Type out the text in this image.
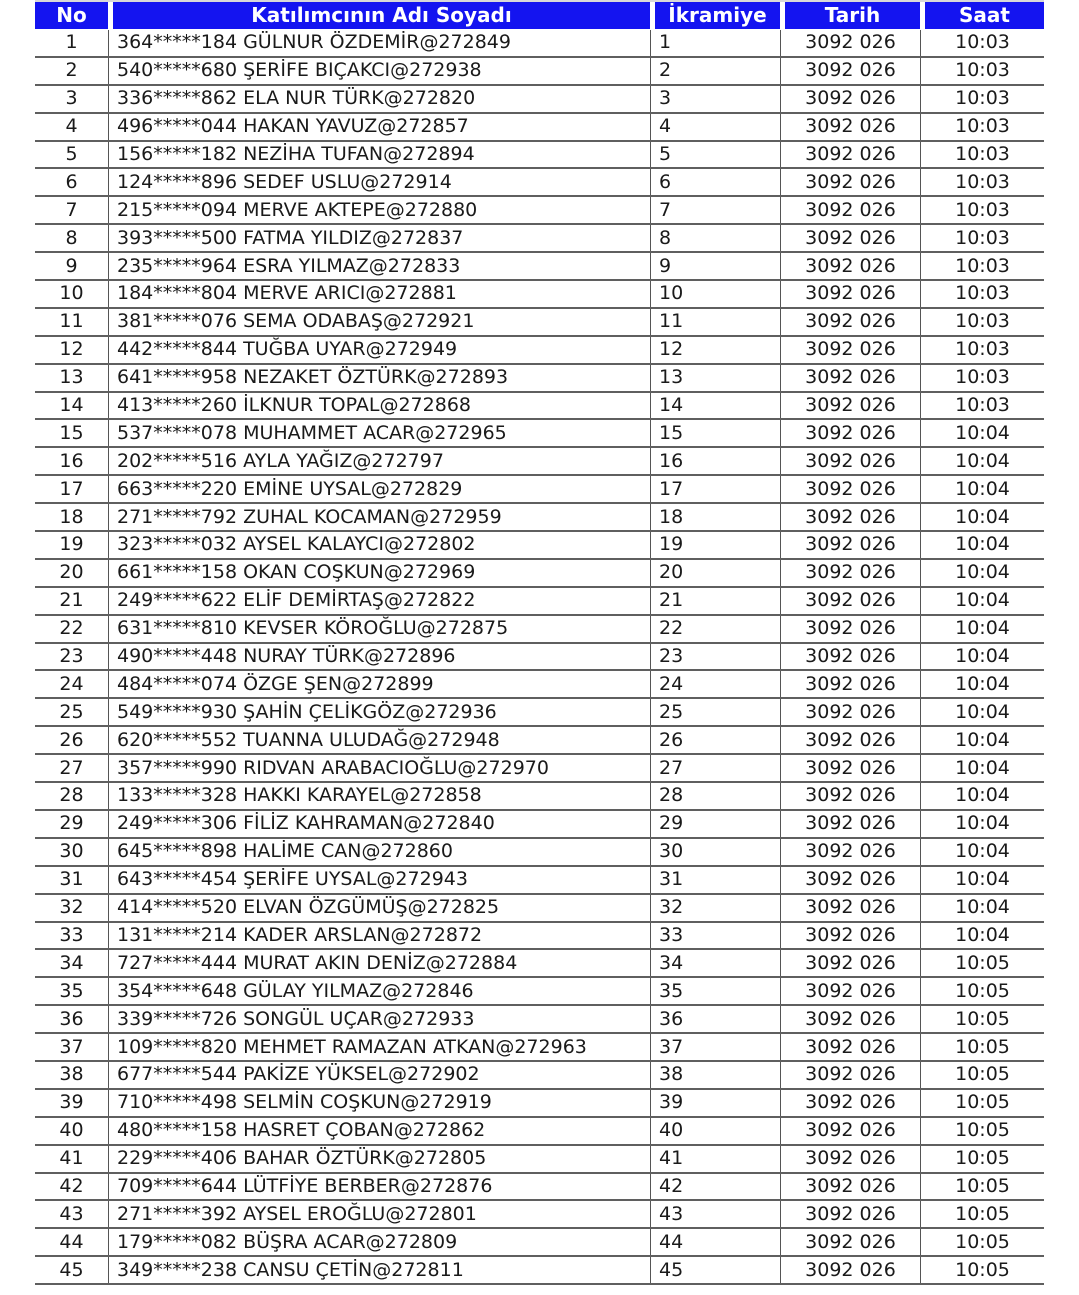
No	Katılımcının Adı Soyadı	İkramiye	Tarih	Saat
1	364*****184 GÜLNUR ÖZDEMİR@272849	1	3092 026	10:03
2	540*****680 ŞERİFE BIÇAKCI@272938	2	3092 026	10:03
3	336*****862 ELA NUR TÜRK@272820	3	3092 026	10:03
4	496*****044 HAKAN YAVUZ@272857	4	3092 026	10:03
5	156*****182 NEZİHA TUFAN@272894	5	3092 026	10:03
6	124*****896 SEDEF USLU@272914	6	3092 026	10:03
7	215*****094 MERVE AKTEPE@272880	7	3092 026	10:03
8	393*****500 FATMA YILDIZ@272837	8	3092 026	10:03
9	235*****964 ESRA YILMAZ@272833	9	3092 026	10:03
10	184*****804 MERVE ARICI@272881	10	3092 026	10:03
11	381*****076 SEMA ODABAŞ@272921	11	3092 026	10:03
12	442*****844 TUĞBA UYAR@272949	12	3092 026	10:03
13	641*****958 NEZAKET ÖZTÜRK@272893	13	3092 026	10:03
14	413*****260 İLKNUR TOPAL@272868	14	3092 026	10:03
15	537*****078 MUHAMMET ACAR@272965	15	3092 026	10:04
16	202*****516 AYLA YAĞIZ@272797	16	3092 026	10:04
17	663*****220 EMİNE UYSAL@272829	17	3092 026	10:04
18	271*****792 ZUHAL KOCAMAN@272959	18	3092 026	10:04
19	323*****032 AYSEL KALAYCI@272802	19	3092 026	10:04
20	661*****158 OKAN COŞKUN@272969	20	3092 026	10:04
21	249*****622 ELİF DEMİRTAŞ@272822	21	3092 026	10:04
22	631*****810 KEVSER KÖROĞLU@272875	22	3092 026	10:04
23	490*****448 NURAY TÜRK@272896	23	3092 026	10:04
24	484*****074 ÖZGE ŞEN@272899	24	3092 026	10:04
25	549*****930 ŞAHİN ÇELİKGÖZ@272936	25	3092 026	10:04
26	620*****552 TUANNA ULUDAĞ@272948	26	3092 026	10:04
27	357*****990 RIDVAN ARABACIOĞLU@272970	27	3092 026	10:04
28	133*****328 HAKKI KARAYEL@272858	28	3092 026	10:04
29	249*****306 FİLİZ KAHRAMAN@272840	29	3092 026	10:04
30	645*****898 HALİME CAN@272860	30	3092 026	10:04
31	643*****454 ŞERİFE UYSAL@272943	31	3092 026	10:04
32	414*****520 ELVAN ÖZGÜMÜŞ@272825	32	3092 026	10:04
33	131*****214 KADER ARSLAN@272872	33	3092 026	10:04
34	727*****444 MURAT AKIN DENİZ@272884	34	3092 026	10:05
35	354*****648 GÜLAY YILMAZ@272846	35	3092 026	10:05
36	339*****726 SONGÜL UÇAR@272933	36	3092 026	10:05
37	109*****820 MEHMET RAMAZAN ATKAN@272963	37	3092 026	10:05
38	677*****544 PAKİZE YÜKSEL@272902	38	3092 026	10:05
39	710*****498 SELMİN COŞKUN@272919	39	3092 026	10:05
40	480*****158 HASRET ÇOBAN@272862	40	3092 026	10:05
41	229*****406 BAHAR ÖZTÜRK@272805	41	3092 026	10:05
42	709*****644 LÜTFİYE BERBER@272876	42	3092 026	10:05
43	271*****392 AYSEL EROĞLU@272801	43	3092 026	10:05
44	179*****082 BÜŞRA ACAR@272809	44	3092 026	10:05
45	349*****238 CANSU ÇETİN@272811	45	3092 026	10:05
